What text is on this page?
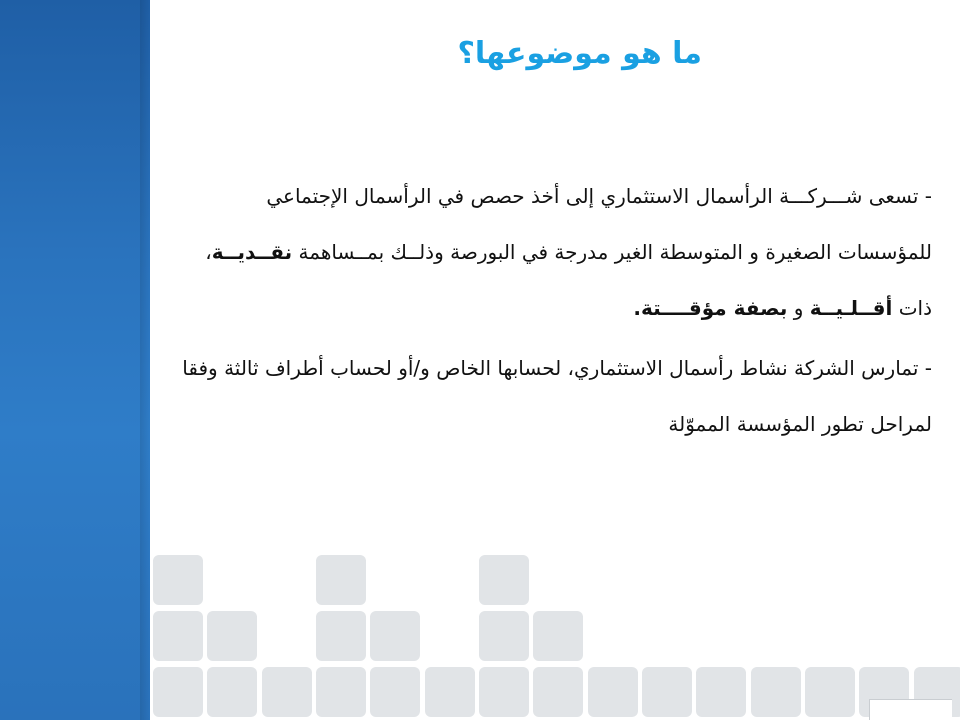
ما هو موضوعها؟

- تسعى شـــركـــة الرأسمال الاستثماري إلى أخذ حصص في الرأسمال الإجتماعي للمؤسسات الصغيرة و المتوسطة الغير مدرجة في البورصة وذلــك بمــساهمة نقــديــة، ذات أقــلـيــة و بصفة مؤقــــتة.

- تمارس الشركة نشاط رأسمال الاستثماري، لحسابها الخاص و/أو لحساب أطراف ثالثة وفقا لمراحل تطور المؤسسة المموّلة
